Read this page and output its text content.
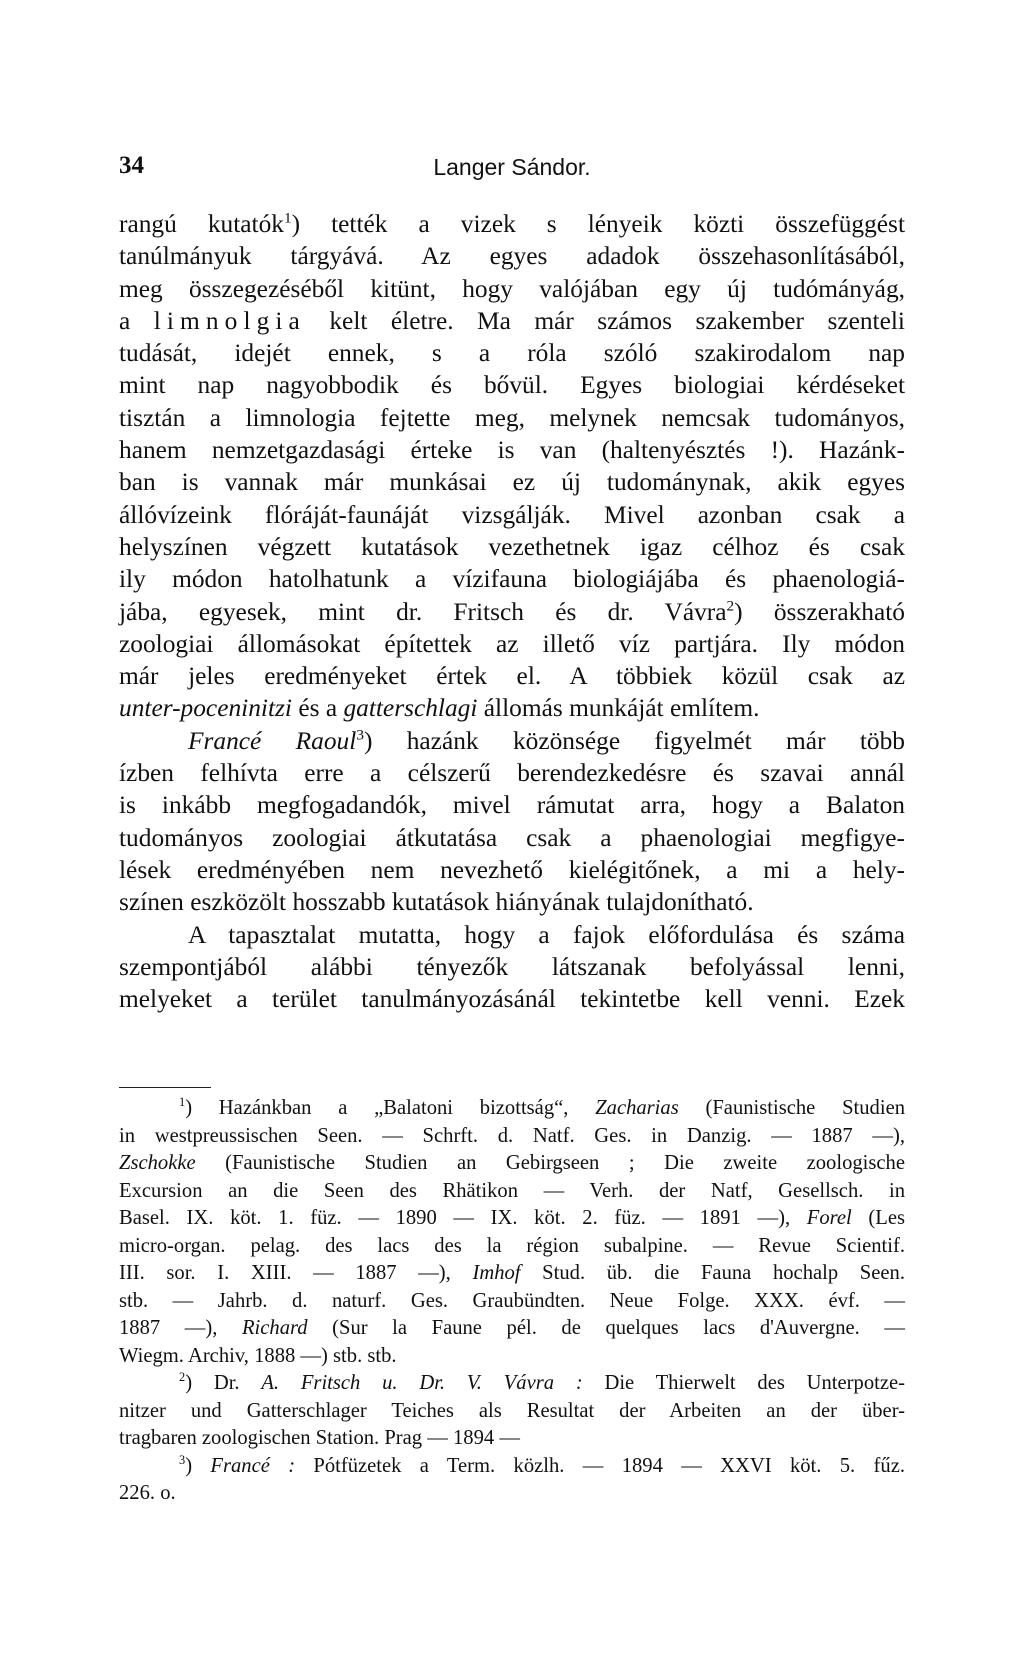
34	Langer Sándor.
rangú kutatók$^1$) tették a vizek s lényeik közti összefüggést
tanúlmányuk tárgyává. Az egyes adadok összehasonlításából,
meg összegezéséből kitünt, hogy valójában egy új tudómányág,
a limnolgia kelt életre. Ma már számos szakember szenteli
tudását, idejét ennek, s a róla szóló szakirodalom nap
mint nap nagyobbodik és bővül. Egyes biologiai kérdéseket
tisztán a limnologia fejtette meg, melynek nemcsak tudományos,
hanem nemzetgazdasági érteke is van (haltenyésztés !). Hazánk-
ban is vannak már munkásai ez új tudománynak, akik egyes
állóvízeink flóráját-faunáját vizsgálják. Mivel azonban csak a
helyszínen végzett kutatások vezethetnek igaz célhoz és csak
ily módon hatolhatunk a vízifauna biologiájába és phaenologiá-
jába, egyesek, mint dr. Fritsch és dr. Vávra$^2$) összerakható
zoologiai állomásokat építettek az illető víz partjára. Ily módon
már jeles eredményeket értek el. A többiek közül csak az
unter-poceninitzi és a gatterschlagi állomás munkáját említem.
Francé Raoul$^3$) hazánk közönsége figyelmét már több
ízben felhívta erre a célszerű berendezkedésre és szavai annál
is inkább megfogadandók, mivel rámutat arra, hogy a Balaton
tudományos zoologiai átkutatása csak a phaenologiai megfigye-
lések eredményében nem nevezhető kielégitőnek, a mi a hely-
színen eszközölt hosszabb kutatások hiányának tulajdonítható.
A tapasztalat mutatta, hogy a fajok előfordulása és száma
szempontjából alábbi tényezők látszanak befolyással lenni,
melyeket a terület tanulmányozásánál tekintetbe kell venni. Ezek
$^1$) Hazánkban a „Balatoni bizottság“, Zacharias (Faunistische Studien
in westpreussischen Seen. — Schrft. d. Natf. Ges. in Danzig. — 1887 —),
Zschokke (Faunistische Studien an Gebirgseen ; Die zweite zoologische
Excursion an die Seen des Rhätikon — Verh. der Natf, Gesellsch. in
Basel. IX. köt. 1. füz. — 1890 — IX. köt. 2. füz. — 1891 —), Forel (Les
micro-organ. pelag. des lacs des la région subalpine. — Revue Scientif.
III. sor. I. XIII. — 1887 —), Imhof Stud. üb. die Fauna hochalp Seen.
stb. — Jahrb. d. naturf. Ges. Graubündten. Neue Folge. XXX. évf. —
1887 —), Richard (Sur la Faune pél. de quelques lacs d'Auvergne. —
Wiegm. Archiv, 1888 —) stb. stb.
$^2$) Dr. A. Fritsch u. Dr. V. Vávra : Die Thierwelt des Unterpotze-
nitzer und Gatterschlager Teiches als Resultat der Arbeiten an der über-
tragbaren zoologischen Station. Prag — 1894 —
$^3$) Francé : Pótfüzetek a Term. közlh. — 1894 — XXVI köt. 5. fűz.
226. o.
